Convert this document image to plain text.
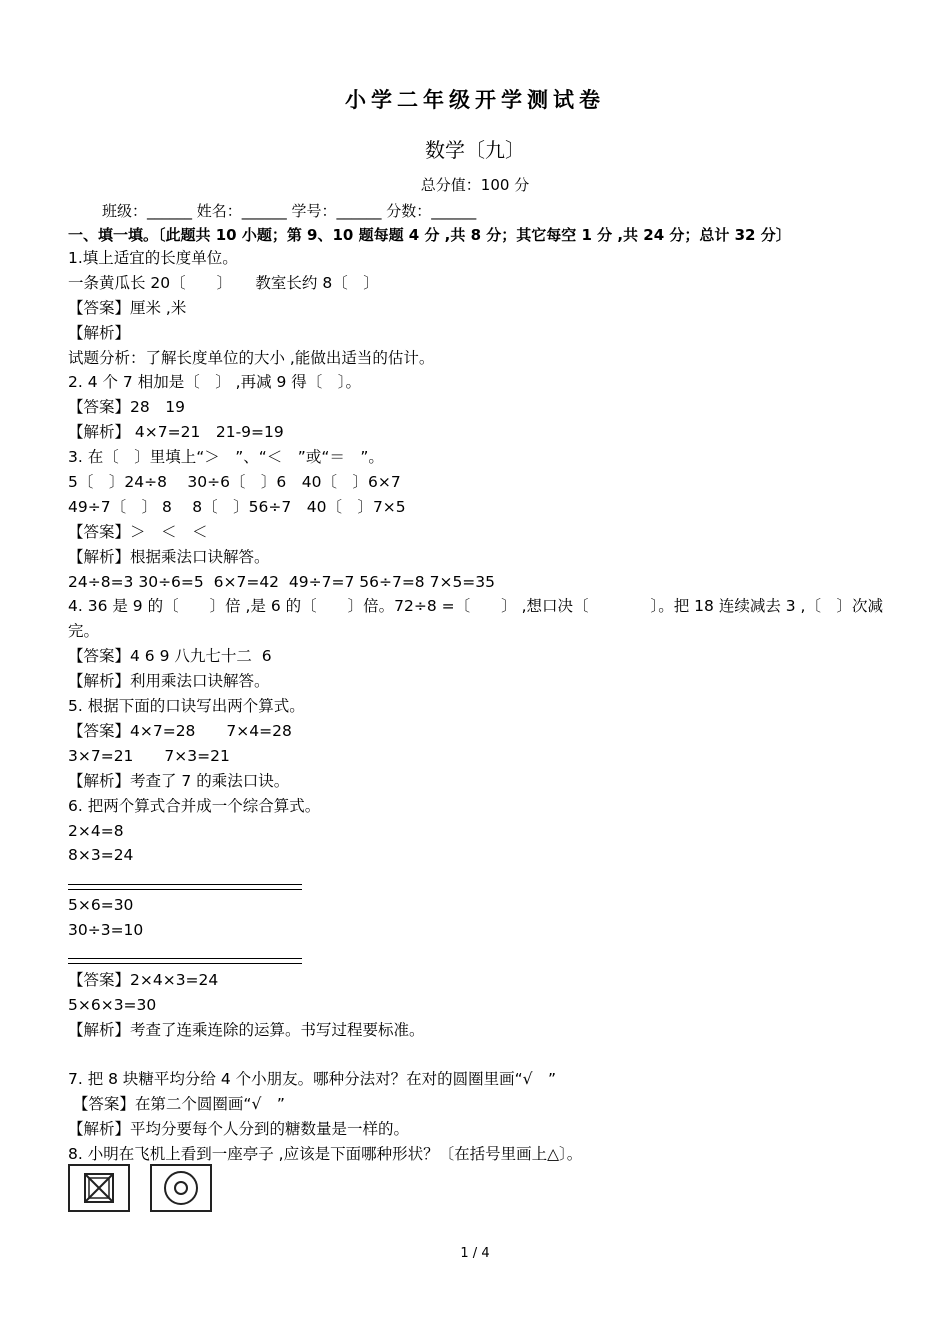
小学二年级开学测试卷
数学〔九〕
总分值：100 分
班级：______ 姓名：______ 学号：______ 分数：______
一、填一填。〔此题共 10 小题；第 9、10 题每题 4 分 ,共 8 分；其它每空 1 分 ,共 24 分；总计 32 分〕
1.填上适宜的长度单位。
一条黄瓜长 20〔　　〕　　教室长约 8〔　〕
【答案】厘米 ,米
【解析】
试题分析：了解长度单位的大小 ,能做出适当的估计。
2. 4 个 7 相加是〔　〕 ,再减 9 得〔　〕。
【答案】28　19
【解析】 4×7=21　21-9=19
3. 在〔　〕里填上“＞　”、“＜　”或“＝　”。
5〔　〕24÷8　 30÷6〔　〕6　40〔　〕6×7
49÷7〔　〕 8　 8〔　〕56÷7　40〔　〕7×5
【答案】＞　＜　＜
【解析】根据乘法口诀解答。
24÷8=3 30÷6=5  6×7=42  49÷7=7 56÷7=8 7×5=35
4. 36 是 9 的〔　　〕倍 ,是 6 的〔　　〕倍。72÷8 =〔　　〕 ,想口决〔　　　　〕。把 18 连续减去 3 ,〔　〕次减完。
【答案】4 6 9 八九七十二  6
【解析】利用乘法口诀解答。
5. 根据下面的口诀写出两个算式。
【答案】4×7=28　　7×4=28
3×7=21　　7×3=21
【解析】考查了 7 的乘法口诀。
6. 把两个算式合并成一个综合算式。
2×4=8
8×3=24
5×6=30
30÷3=10
【答案】2×4×3=24
5×6×3=30
【解析】考查了连乘连除的运算。书写过程要标准。
7. 把 8 块糖平均分给 4 个小朋友。哪种分法对？在对的圆圈里画“√　”
【答案】在第二个圆圈画“√　”
【解析】平均分要每个人分到的糖数量是一样的。
8. 小明在飞机上看到一座亭子 ,应该是下面哪种形状？〔在括号里画上△〕。
1 / 4
